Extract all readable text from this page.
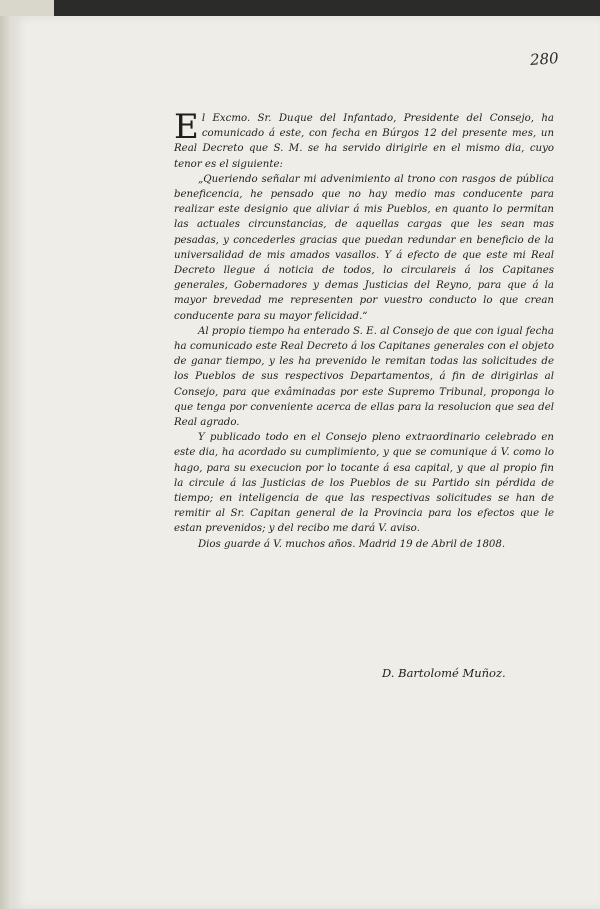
280

El Excmo. Sr. Duque del Infantado, Presidente del Consejo, ha comunicado á este, con fecha en Búrgos 12 del presente mes, un Real Decreto que S. M. se ha servido dirigirle en el mismo dia, cuyo tenor es el siguiente:

„Queriendo señalar mi advenimiento al trono con rasgos de pública beneficencia, he pensado que no hay medio mas conducente para realizar este designio que aliviar á mis Pueblos, en quanto lo permitan las actuales circunstancias, de aquellas cargas que les sean mas pesadas, y concederles gracias que puedan redundar en beneficio de la universalidad de mis amados vasallos. Y á efecto de que este mi Real Decreto llegue á noticia de todos, lo circulareis á los Capitanes generales, Gobernadores y demas Justicias del Reyno, para que á la mayor brevedad me representen por vuestro conducto lo que crean conducente para su mayor felicidad.“

Al propio tiempo ha enterado S. E. al Consejo de que con igual fecha ha comunicado este Real Decreto á los Capitanes generales con el objeto de ganar tiempo, y les ha prevenido le remitan todas las solicitudes de los Pueblos de sus respectivos Departamentos, á fin de dirigirlas al Consejo, para que exâminadas por este Supremo Tribunal, proponga lo que tenga por conveniente acerca de ellas para la resolucion que sea del Real agrado.

Y publicado todo en el Consejo pleno extraordinario celebrado en este dia, ha acordado su cumplimiento, y que se comunique á V. como lo hago, para su execucion por lo tocante á esa capital, y que al propio fin la circule á las Justicias de los Pueblos de su Partido sin pérdida de tiempo; en inteligencia de que las respectivas solicitudes se han de remitir al Sr. Capitan general de la Provincia para los efectos que le estan prevenidos; y del recibo me dará V. aviso.

Dios guarde á V. muchos años. Madrid 19 de Abril de 1808.

D. Bartolomé Muñoz.
